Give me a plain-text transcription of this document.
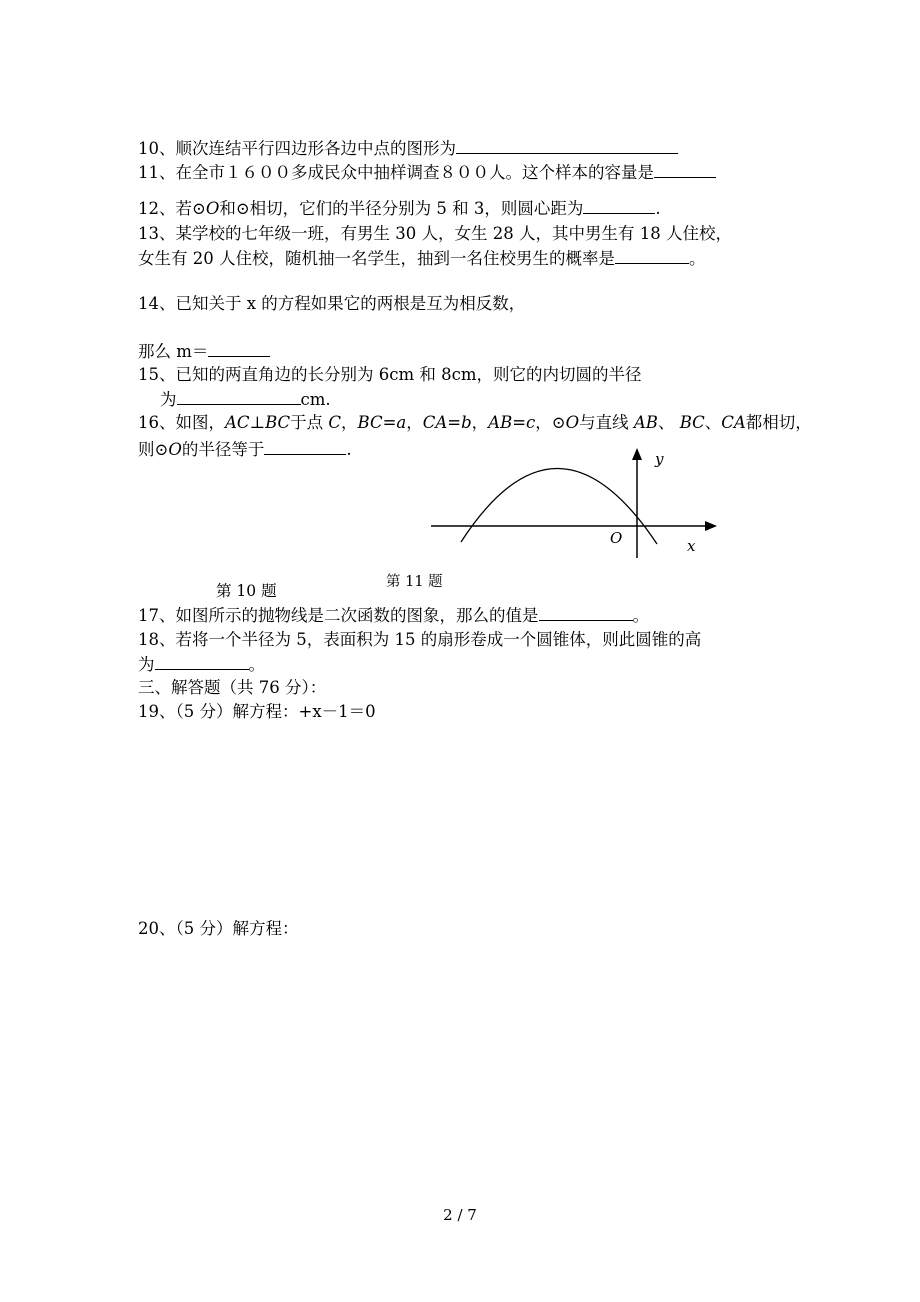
10、顺次连结平行四边形各边中点的图形为
11、在全市１６００多成民众中抽样调查８００人。这个样本的容量是
12、若⊙O和⊙相切，它们的半径分别为 5 和 3，则圆心距为	.
13、某学校的七年级一班，有男生 30 人，女生 28 人，其中男生有 18 人住校，
女生有 20 人住校，随机抽一名学生，抽到一名住校男生的概率是	。
14、已知关于 x 的方程如果它的两根是互为相反数，
那么 m＝
15、已知的两直角边的长分别为 6cm 和 8cm，则它的内切圆的半径
为	cm.
16、如图，AC⊥BC于点 C，BC=a，CA=b，AB=c，⊙O与直线 AB、 BC、CA都相切，
则⊙O的半径等于	.	y
O	x
第 10 题	第 11 题
17、如图所示的抛物线是二次函数的图象，那么的值是	。
18、若将一个半径为 5，表面积为 15 的扇形卷成一个圆锥体，则此圆锥的高
为	。
三、解答题（共 76 分）：
19、（5 分）解方程：+x－1＝0
20、（5 分）解方程：
2 / 7
